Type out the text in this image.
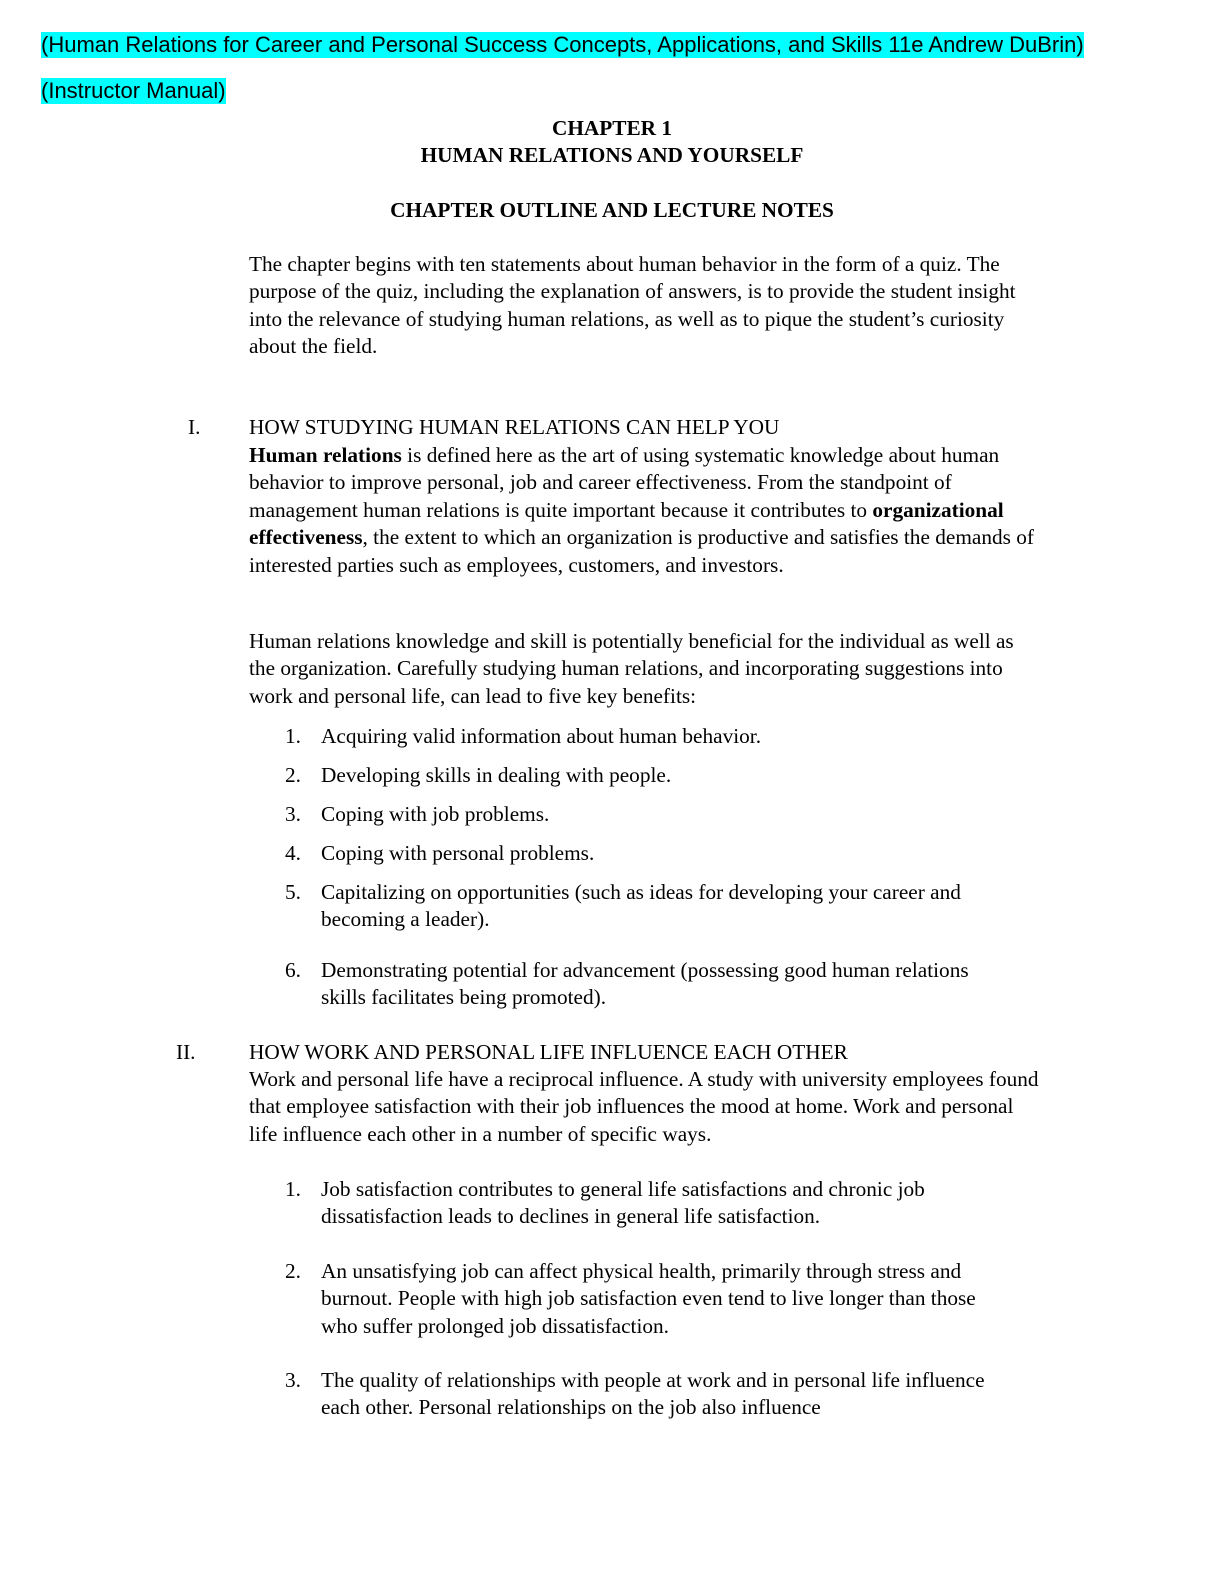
(Human Relations for Career and Personal Success Concepts, Applications, and Skills 11e Andrew DuBrin)
(Instructor Manual)
CHAPTER 1
HUMAN RELATIONS AND YOURSELF
CHAPTER OUTLINE AND LECTURE NOTES
The chapter begins with ten statements about human behavior in the form of a quiz. The purpose of the quiz, including the explanation of answers, is to provide the student insight into the relevance of studying human relations, as well as to pique the student’s curiosity about the field.
I. HOW STUDYING HUMAN RELATIONS CAN HELP YOU
Human relations is defined here as the art of using systematic knowledge about human behavior to improve personal, job and career effectiveness. From the standpoint of management human relations is quite important because it contributes to organizational effectiveness, the extent to which an organization is productive and satisfies the demands of interested parties such as employees, customers, and investors.
Human relations knowledge and skill is potentially beneficial for the individual as well as the organization. Carefully studying human relations, and incorporating suggestions into work and personal life, can lead to five key benefits:
1. Acquiring valid information about human behavior.
2. Developing skills in dealing with people.
3. Coping with job problems.
4. Coping with personal problems.
5. Capitalizing on opportunities (such as ideas for developing your career and becoming a leader).
6. Demonstrating potential for advancement (possessing good human relations skills facilitates being promoted).
II.	HOW WORK AND PERSONAL LIFE INFLUENCE EACH OTHER
Work and personal life have a reciprocal influence. A study with university employees found that employee satisfaction with their job influences the mood at home. Work and personal life influence each other in a number of specific ways.
1. Job satisfaction contributes to general life satisfactions and chronic job dissatisfaction leads to declines in general life satisfaction.
2. An unsatisfying job can affect physical health, primarily through stress and burnout. People with high job satisfaction even tend to live longer than those who suffer prolonged job dissatisfaction.
3. The quality of relationships with people at work and in personal life influence each other. Personal relationships on the job also influence
